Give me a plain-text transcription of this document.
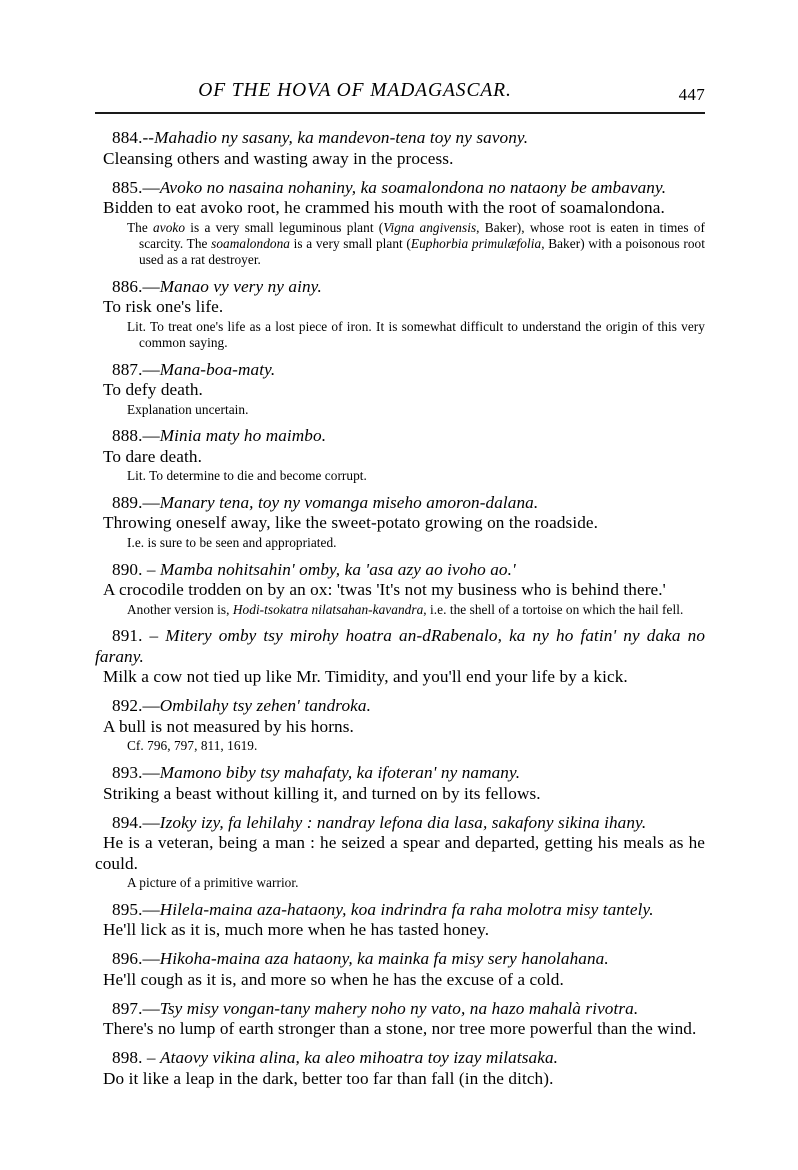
OF THE HOVA OF MADAGASCAR.	447

884.--Mahadio ny sasany, ka mandevon-tena toy ny savony.

Cleansing others and wasting away in the process.

885.—Avoko no nasaina nohaniny, ka soamalondona no nataony be ambavany.

Bidden to eat avoko root, he crammed his mouth with the root of soamalondona.

The avoko is a very small leguminous plant (Vigna angivensis, Baker), whose root is eaten in times of scarcity. The soamalondona is a very small plant (Euphorbia primulæfolia, Baker) with a poisonous root used as a rat destroyer.

886.—Manao vy very ny ainy.

To risk one's life.

Lit. To treat one's life as a lost piece of iron. It is somewhat difficult to understand the origin of this very common saying.

887.—Mana-boa-maty.

To defy death.

Explanation uncertain.

888.—Minia maty ho maimbo.

To dare death.

Lit. To determine to die and become corrupt.

889.—Manary tena, toy ny vomanga miseho amoron-dalana.

Throwing oneself away, like the sweet-potato growing on the roadside.

I.e. is sure to be seen and appropriated.

890. – Mamba nohitsahin' omby, ka 'asa azy ao ivoho ao.'

A crocodile trodden on by an ox: 'twas 'It's not my business who is behind there.'

Another version is, Hodi-tsokatra nilatsahan-kavandra, i.e. the shell of a tortoise on which the hail fell.

891. – Mitery omby tsy mirohy hoatra an-dRabenalo, ka ny ho fatin' ny daka no farany.

Milk a cow not tied up like Mr. Timidity, and you'll end your life by a kick.

892.—Ombilahy tsy zehen' tandroka.

A bull is not measured by his horns.

Cf. 796, 797, 811, 1619.

893.—Mamono biby tsy mahafaty, ka ifoteran' ny namany.

Striking a beast without killing it, and turned on by its fellows.

894.—Izoky izy, fa lehilahy : nandray lefona dia lasa, sakafony sikina ihany.

He is a veteran, being a man : he seized a spear and departed, getting his meals as he could.

A picture of a primitive warrior.

895.—Hilela-maina aza-hataony, koa indrindra fa raha molotra misy tantely.

He'll lick as it is, much more when he has tasted honey.

896.—Hikoha-maina aza hataony, ka mainka fa misy sery hanolahana.

He'll cough as it is, and more so when he has the excuse of a cold.

897.—Tsy misy vongan-tany mahery noho ny vato, na hazo mahalà rivotra.

There's no lump of earth stronger than a stone, nor tree more powerful than the wind.

898. – Ataovy vikina alina, ka aleo mihoatra toy izay milatsaka.

Do it like a leap in the dark, better too far than fall (in the ditch).
